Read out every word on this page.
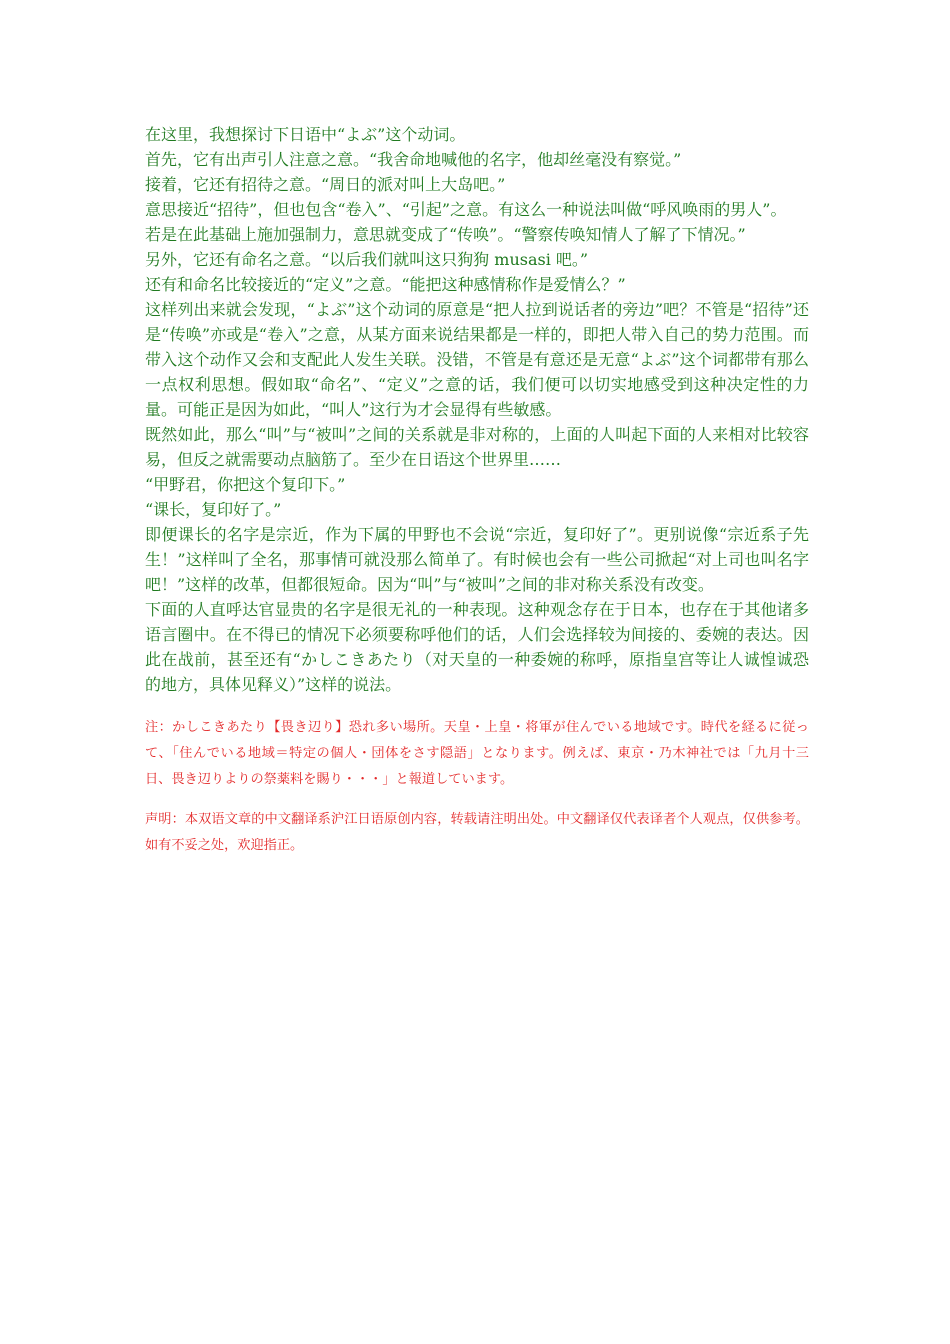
在这里，我想探讨下日语中“よぶ”这个动词。

首先，它有出声引人注意之意。“我舍命地喊他的名字，他却丝毫没有察觉。”

接着，它还有招待之意。“周日的派对叫上大岛吧。”

意思接近“招待”，但也包含“卷入”、“引起”之意。有这么一种说法叫做“呼风唤雨的男人”。

若是在此基础上施加强制力，意思就变成了“传唤”。“警察传唤知情人了解了下情况。”

另外，它还有命名之意。“以后我们就叫这只狗狗 musasi 吧。”

还有和命名比较接近的“定义”之意。“能把这种感情称作是爱情么？”

这样列出来就会发现，“よぶ”这个动词的原意是“把人拉到说话者的旁边”吧？不管是“招待”还是“传唤”亦或是“卷入”之意，从某方面来说结果都是一样的，即把人带入自己的势力范围。而带入这个动作又会和支配此人发生关联。没错，不管是有意还是无意“よぶ”这个词都带有那么一点权利思想。假如取“命名”、“定义”之意的话，我们便可以切实地感受到这种决定性的力量。可能正是因为如此，“叫人”这行为才会显得有些敏感。

既然如此，那么“叫”与“被叫”之间的关系就是非对称的，上面的人叫起下面的人来相对比较容易，但反之就需要动点脑筋了。至少在日语这个世界里……

“甲野君，你把这个复印下。”

“课长，复印好了。”

即便课长的名字是宗近，作为下属的甲野也不会说“宗近，复印好了”。更别说像“宗近系子先生！”这样叫了全名，那事情可就没那么简单了。有时候也会有一些公司掀起“对上司也叫名字吧！”这样的改革，但都很短命。因为“叫”与“被叫”之间的非对称关系没有改变。

下面的人直呼达官显贵的名字是很无礼的一种表现。这种观念存在于日本，也存在于其他诸多语言圈中。在不得已的情况下必须要称呼他们的话，人们会选择较为间接的、委婉的表达。因此在战前，甚至还有“かしこきあたり（对天皇的一种委婉的称呼，原指皇宫等让人诚惶诚恐的地方，具体见释义）”这样的说法。

注：かしこきあたり【畏き辺り】恐れ多い場所。天皇・上皇・将軍が住んでいる地域です。時代を経るに従って、「住んでいる地域＝特定の個人・団体をさす隠語」となります。例えば、東京・乃木神社では「九月十三日、畏き辺りよりの祭薬料を賜り・・・」と報道しています。

声明：本双语文章的中文翻译系沪江日语原创内容，转载请注明出处。中文翻译仅代表译者个人观点，仅供参考。如有不妥之处，欢迎指正。
